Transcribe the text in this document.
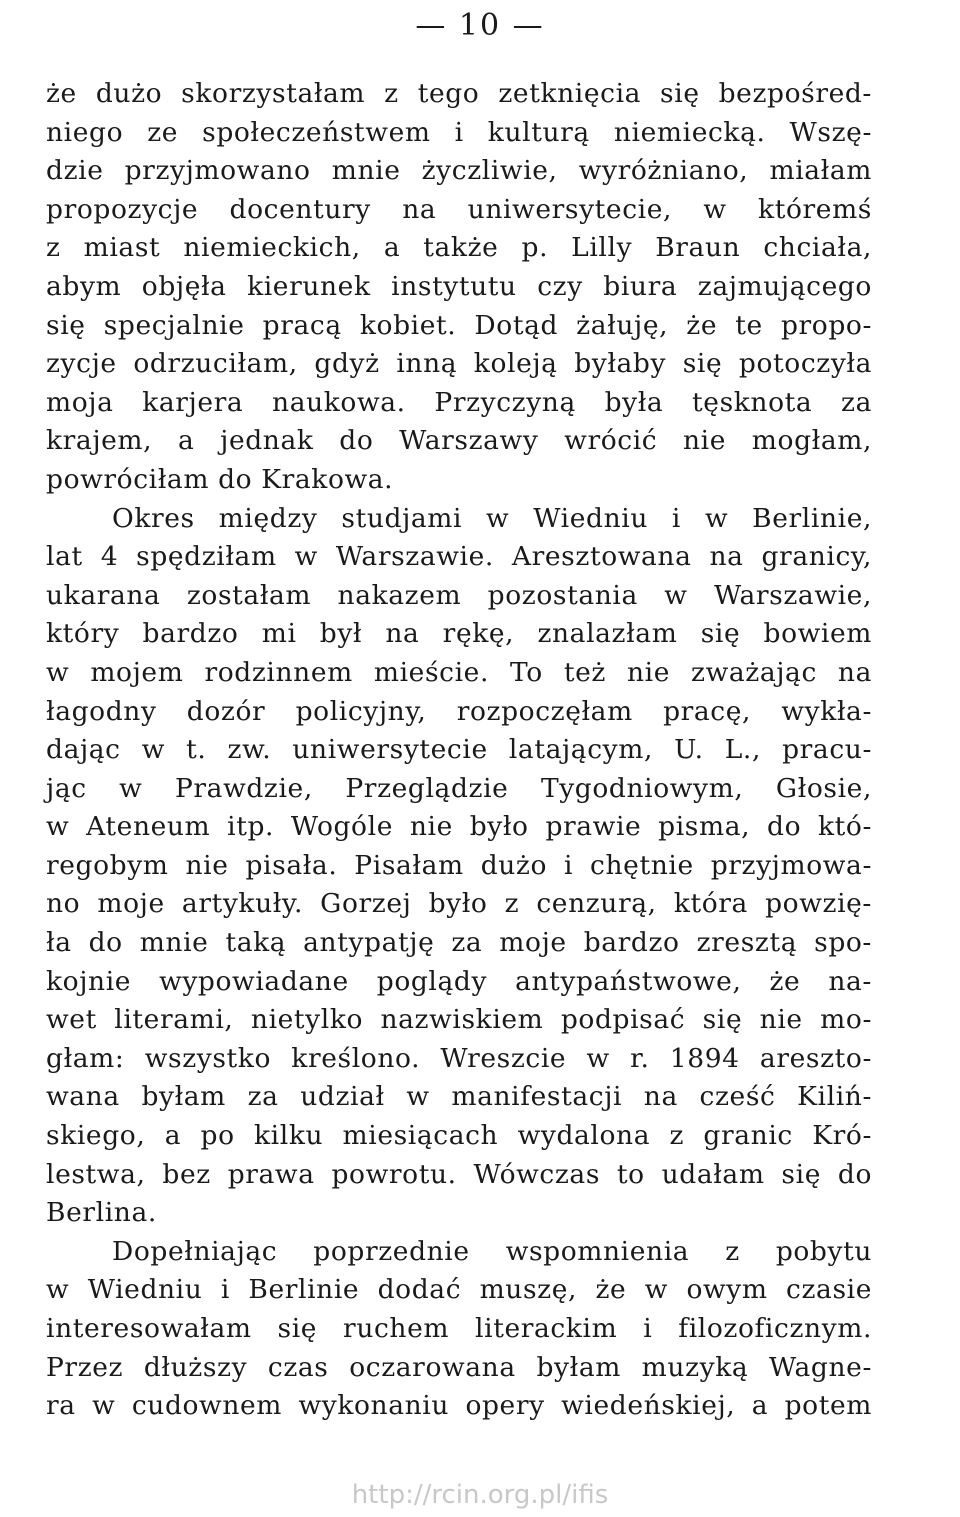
— 10 —
że dużo skorzystałam z tego zetknięcia się bezpośred-
niego ze społeczeństwem i kulturą niemiecką. Wszę-
dzie przyjmowano mnie życzliwie, wyróżniano, miałam
propozycje docentury na uniwersytecie, w któremś
z miast niemieckich, a także p. Lilly Braun chciała,
abym objęła kierunek instytutu czy biura zajmującego
się specjalnie pracą kobiet. Dotąd żałuję, że te propo-
zycje odrzuciłam, gdyż inną koleją byłaby się potoczyła
moja karjera naukowa. Przyczyną była tęsknota za
krajem, a jednak do Warszawy wrócić nie mogłam,
powróciłam do Krakowa.
Okres między studjami w Wiedniu i w Berlinie,
lat 4 spędziłam w Warszawie. Aresztowana na granicy,
ukarana zostałam nakazem pozostania w Warszawie,
który bardzo mi był na rękę, znalazłam się bowiem
w mojem rodzinnem mieście. To też nie zważając na
łagodny dozór policyjny, rozpoczęłam pracę, wykła-
dając w t. zw. uniwersytecie latającym, U. L., pracu-
jąc w Prawdzie, Przeglądzie Tygodniowym, Głosie,
w Ateneum itp. Wogóle nie było prawie pisma, do któ-
regobym nie pisała. Pisałam dużo i chętnie przyjmowa-
no moje artykuły. Gorzej było z cenzurą, która powzię-
ła do mnie taką antypatję za moje bardzo zresztą spo-
kojnie wypowiadane poglądy antypaństwowe, że na-
wet literami, nietylko nazwiskiem podpisać się nie mo-
głam: wszystko kreślono. Wreszcie w r. 1894 areszto-
wana byłam za udział w manifestacji na cześć Kiliń-
skiego, a po kilku miesiącach wydalona z granic Kró-
lestwa, bez prawa powrotu. Wówczas to udałam się do
Berlina.
Dopełniając poprzednie wspomnienia z pobytu
w Wiedniu i Berlinie dodać muszę, że w owym czasie
interesowałam się ruchem literackim i filozoficznym.
Przez dłuższy czas oczarowana byłam muzyką Wagne-
ra w cudownem wykonaniu opery wiedeńskiej, a potem
http://rcin.org.pl/ifis
